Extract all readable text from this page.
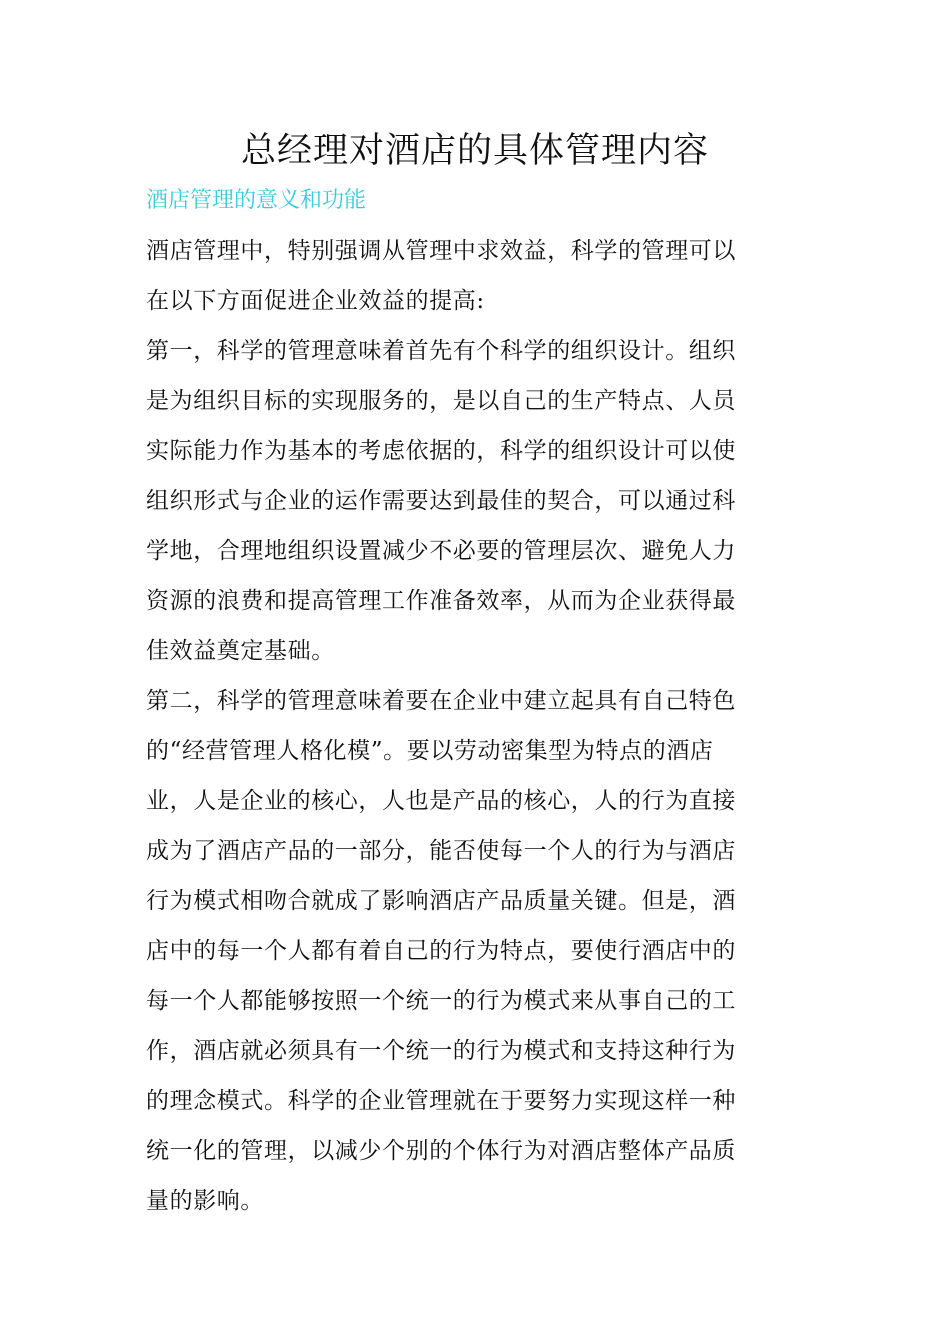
总经理对酒店的具体管理内容
酒店管理的意义和功能

酒店管理中，特别强调从管理中求效益，科学的管理可以
在以下方面促进企业效益的提高:

第一，科学的管理意味着首先有个科学的组织设计。组织
是为组织目标的实现服务的，是以自己的生产特点、人员
实际能力作为基本的考虑依据的，科学的组织设计可以使
组织形式与企业的运作需要达到最佳的契合，可以通过科
学地，合理地组织设置减少不必要的管理层次、避免人力
资源的浪费和提高管理工作准备效率，从而为企业获得最
佳效益奠定基础。

第二，科学的管理意味着要在企业中建立起具有自己特色
的“经营管理人格化模”。要以劳动密集型为特点的酒店
业，人是企业的核心，人也是产品的核心，人的行为直接
成为了酒店产品的一部分，能否使每一个人的行为与酒店
行为模式相吻合就成了影响酒店产品质量关键。但是，酒
店中的每一个人都有着自己的行为特点，要使行酒店中的
每一个人都能够按照一个统一的行为模式来从事自己的工
作，酒店就必须具有一个统一的行为模式和支持这种行为
的理念模式。科学的企业管理就在于要努力实现这样一种
统一化的管理，以减少个别的个体行为对酒店整体产品质
量的影响。
